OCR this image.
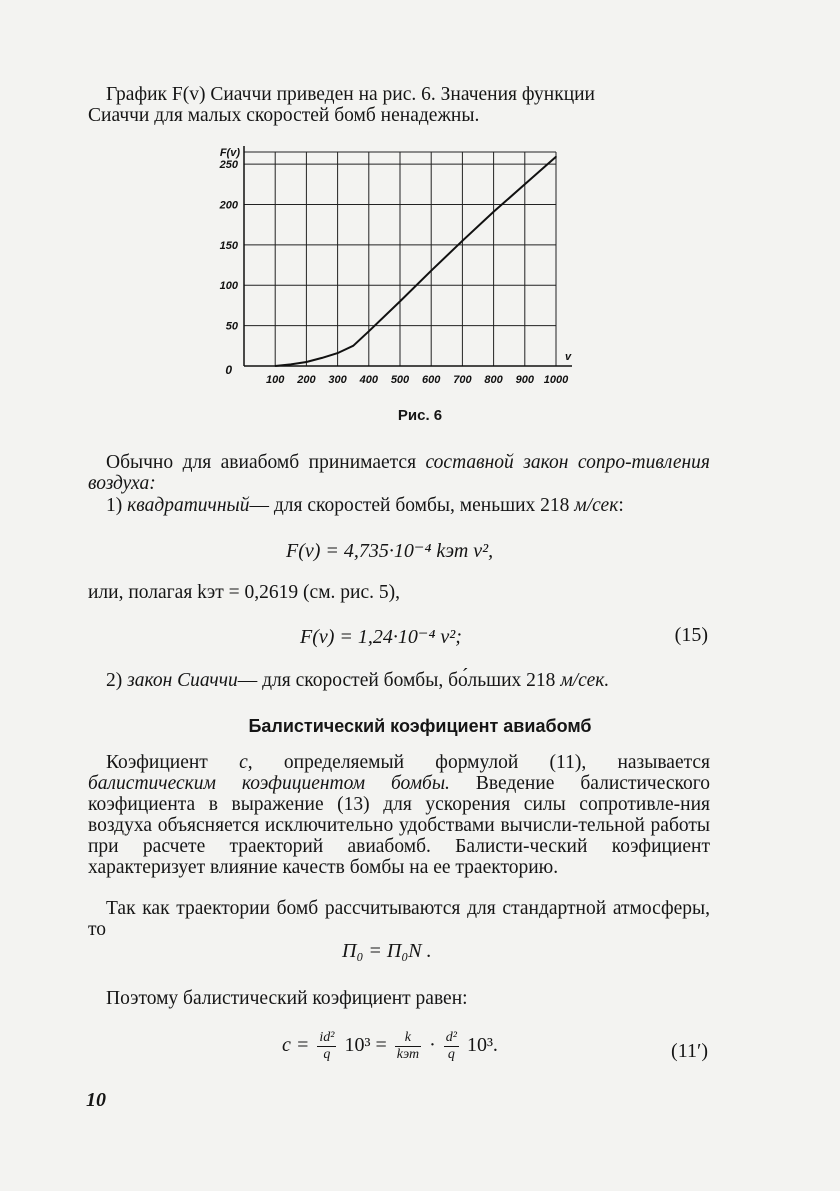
График F(v) Сиаччи приведен на рис. 6. Значения функции
Сиаччи для малых скоростей бомб ненадежны.
100 200 300 400 500 600 700 800 900 1000
50
100
150
200
250
0
F(v)
v
Рис. 6
Обычно для авиабомб принимается составной закон сопро-тивления воздуха:
1) квадратичный— для скоростей бомбы, меньших 218 м/сек:
F(v) = 4,735·10⁻⁴ kэт v²,
или, полагая kэт = 0,2619 (см. рис. 5),
F(v) = 1,24·10⁻⁴ v²;	(15)
2) закон Сиаччи— для скоростей бомбы, бо́льших 218 м/сек.
Балистический коэфициент авиабомб
Коэфициент c, определяемый формулой (11), называется балистическим коэфициентом бомбы. Введение балистического коэфициента в выражение (13) для ускорения силы сопротивле-ния воздуха объясняется исключительно удобствами вычисли-тельной работы при расчете траекторий авиабомб. Балисти-ческий коэфициент характеризует влияние качеств бомбы на ее траекторию.
Так как траектории бомб рассчитываются для стандартной атмосферы, то
П₀ = П₀N .
Поэтому балистический коэфициент равен:
$c = \frac{\text{id²}}{q} 10^3 = \frac{k}{\text{kэт}} \cdot \frac{\text{d²}}{q} 10^3$.	(11′)
10
